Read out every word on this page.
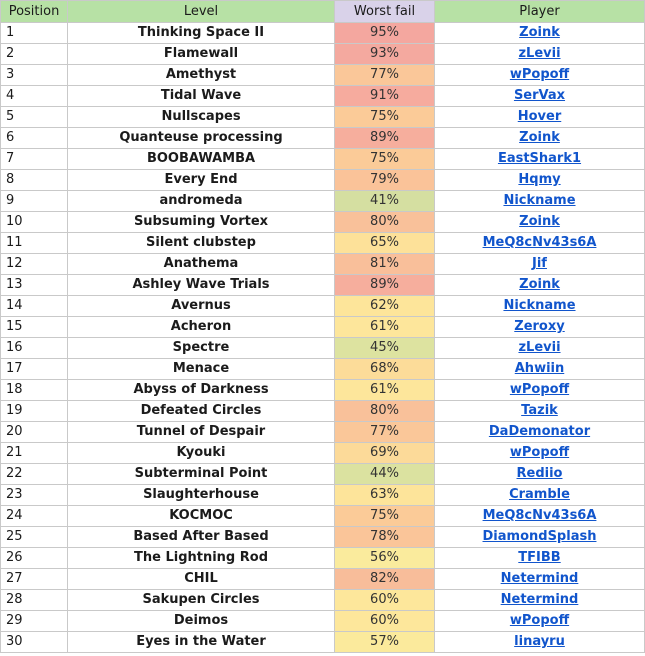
Position	Level	Worst fail	Player
1	Thinking Space II	95%	Zoink
2	Flamewall	93%	zLevii
3	Amethyst	77%	wPopoff
4	Tidal Wave	91%	SerVax
5	Nullscapes	75%	Hover
6	Quanteuse processing	89%	Zoink
7	BOOBAWAMBA	75%	EastShark1
8	Every End	79%	Hqmy
9	andromeda	41%	Nickname
10	Subsuming Vortex	80%	Zoink
11	Silent clubstep	65%	MeQ8cNv43s6A
12	Anathema	81%	Jif
13	Ashley Wave Trials	89%	Zoink
14	Avernus	62%	Nickname
15	Acheron	61%	Zeroxy
16	Spectre	45%	zLevii
17	Menace	68%	Ahwiin
18	Abyss of Darkness	61%	wPopoff
19	Defeated Circles	80%	Tazik
20	Tunnel of Despair	77%	DaDemonator
21	Kyouki	69%	wPopoff
22	Subterminal Point	44%	Rediio
23	Slaughterhouse	63%	Cramble
24	KOCMOC	75%	MeQ8cNv43s6A
25	Based After Based	78%	DiamondSplash
26	The Lightning Rod	56%	TFIBB
27	CHIL	82%	Netermind
28	Sakupen Circles	60%	Netermind
29	Deimos	60%	wPopoff
30	Eyes in the Water	57%	linayru
